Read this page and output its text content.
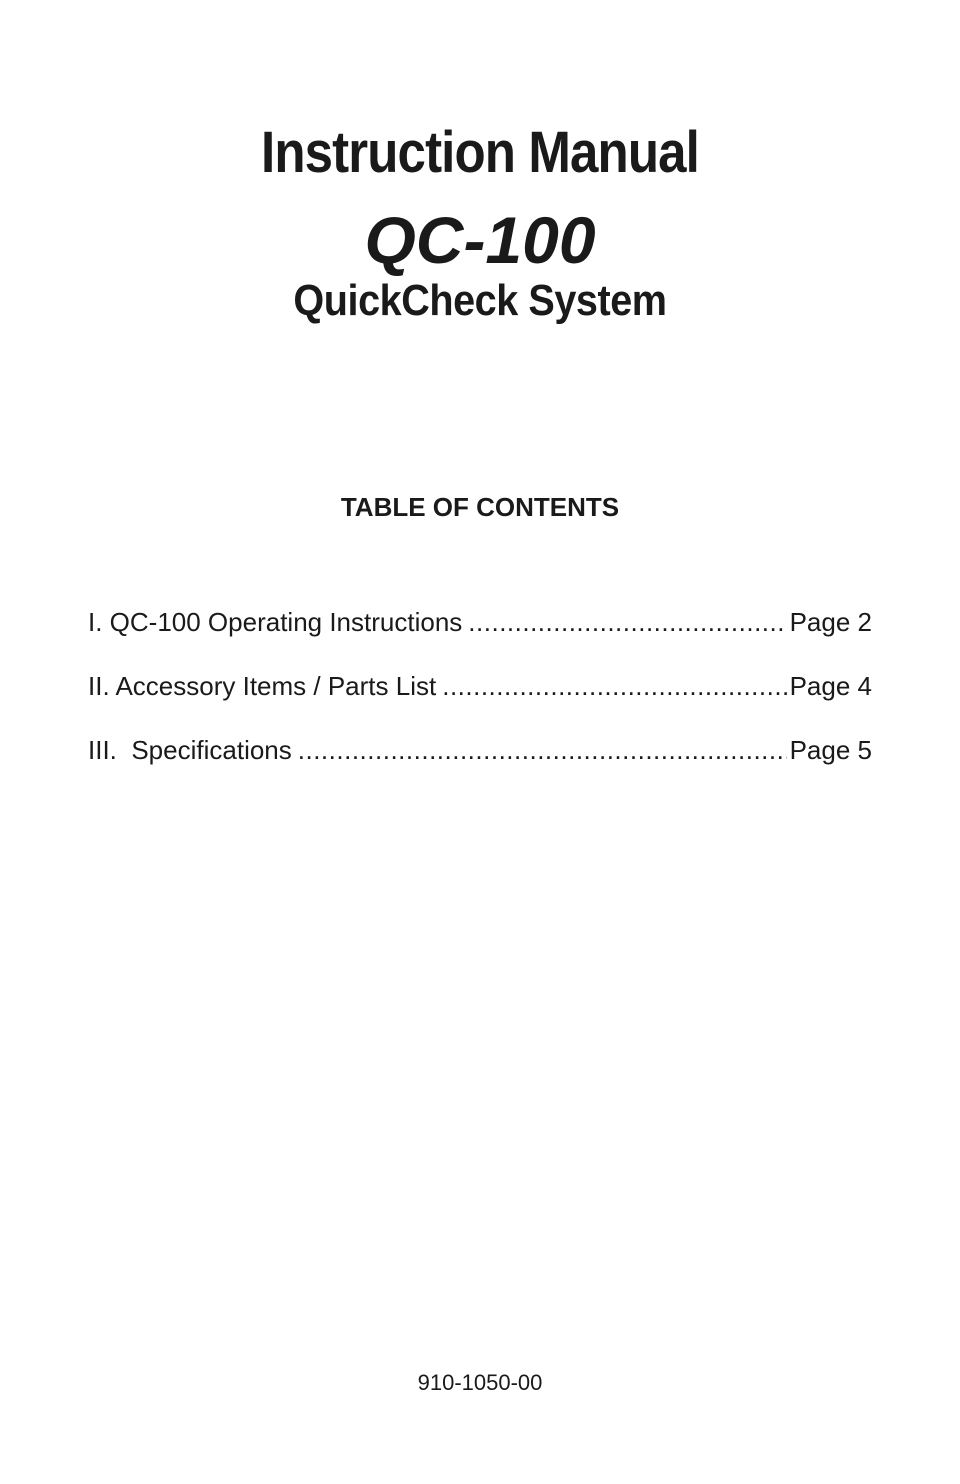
Instruction Manual
QC-100
QuickCheck System
TABLE OF CONTENTS
I. QC-100 Operating Instructions .....	Page 2
II. Accessory Items / Parts List .....	Page 4
III.  Specifications .....	Page 5

910-1050-00
